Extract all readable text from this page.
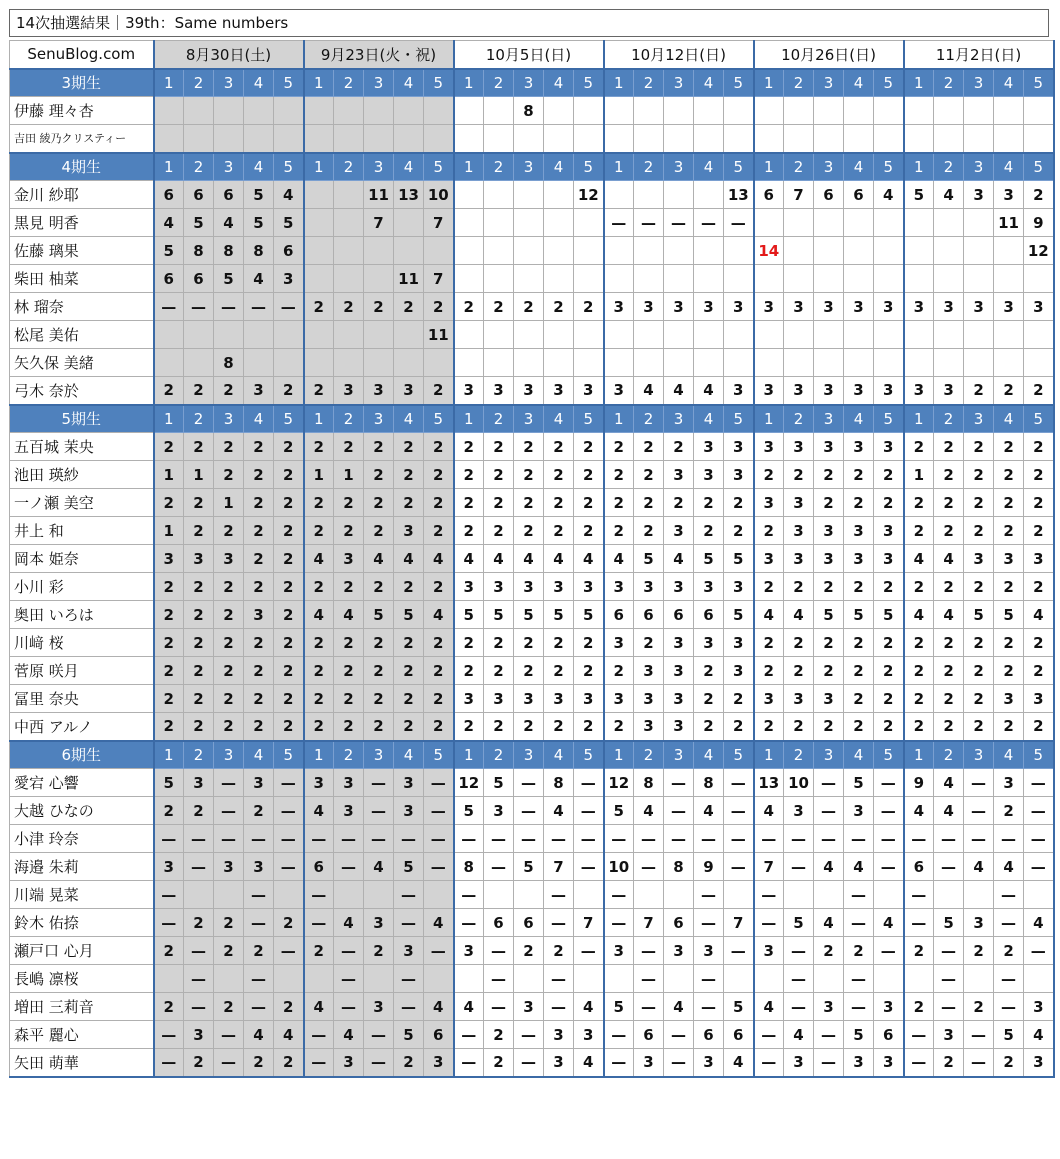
14次抽選結果｜39th：Same numbers
SenuBlog.com	8月30日(土)					9月23日(火・祝)					10月5日(日)					10月12日(日)					10月26日(日)					11月2日(日)				
3期生	1	2	3	4	5	1	2	3	4	5	1	2	3	4	5	1	2	3	4	5	1	2	3	4	5	1	2	3	4	5
伊藤 理々杏													8																	
吉田 綾乃クリスティー																														
4期生	1	2	3	4	5	1	2	3	4	5	1	2	3	4	5	1	2	3	4	5	1	2	3	4	5	1	2	3	4	5
金川 紗耶	6	6	6	5	4			11	13	10					12					13	6	7	6	6	4	5	4	3	3	2
黒見 明香	4	5	4	5	5			7		7						—	—	—	—	—									11	9
佐藤 璃果	5	8	8	8	6																14									12
柴田 柚菜	6	6	5	4	3				11	7																				
林 瑠奈	—	—	—	—	—	2	2	2	2	2	2	2	2	2	2	3	3	3	3	3	3	3	3	3	3	3	3	3	3	3
松尾 美佑										11																				
矢久保 美緒			8																											
弓木 奈於	2	2	2	3	2	2	3	3	3	2	3	3	3	3	3	3	4	4	4	3	3	3	3	3	3	3	3	2	2	2
5期生	1	2	3	4	5	1	2	3	4	5	1	2	3	4	5	1	2	3	4	5	1	2	3	4	5	1	2	3	4	5
五百城 茉央	2	2	2	2	2	2	2	2	2	2	2	2	2	2	2	2	2	2	3	3	3	3	3	3	3	2	2	2	2	2
池田 瑛紗	1	1	2	2	2	1	1	2	2	2	2	2	2	2	2	2	2	3	3	3	2	2	2	2	2	1	2	2	2	2
一ノ瀬 美空	2	2	1	2	2	2	2	2	2	2	2	2	2	2	2	2	2	2	2	2	3	3	2	2	2	2	2	2	2	2
井上 和	1	2	2	2	2	2	2	2	3	2	2	2	2	2	2	2	2	3	2	2	2	3	3	3	3	2	2	2	2	2
岡本 姫奈	3	3	3	2	2	4	3	4	4	4	4	4	4	4	4	4	5	4	5	5	3	3	3	3	3	4	4	3	3	3
小川 彩	2	2	2	2	2	2	2	2	2	2	3	3	3	3	3	3	3	3	3	3	2	2	2	2	2	2	2	2	2	2
奥田 いろは	2	2	2	3	2	4	4	5	5	4	5	5	5	5	5	6	6	6	6	5	4	4	5	5	5	4	4	5	5	4
川﨑 桜	2	2	2	2	2	2	2	2	2	2	2	2	2	2	2	3	2	3	3	3	2	2	2	2	2	2	2	2	2	2
菅原 咲月	2	2	2	2	2	2	2	2	2	2	2	2	2	2	2	2	3	3	2	3	2	2	2	2	2	2	2	2	2	2
冨里 奈央	2	2	2	2	2	2	2	2	2	2	3	3	3	3	3	3	3	3	2	2	3	3	3	2	2	2	2	2	3	3
中西 アルノ	2	2	2	2	2	2	2	2	2	2	2	2	2	2	2	2	3	3	2	2	2	2	2	2	2	2	2	2	2	2
6期生	1	2	3	4	5	1	2	3	4	5	1	2	3	4	5	1	2	3	4	5	1	2	3	4	5	1	2	3	4	5
愛宕 心響	5	3	—	3	—	3	3	—	3	—	12	5	—	8	—	12	8	—	8	—	13	10	—	5	—	9	4	—	3	—
大越 ひなの	2	2	—	2	—	4	3	—	3	—	5	3	—	4	—	5	4	—	4	—	4	3	—	3	—	4	4	—	2	—
小津 玲奈	—	—	—	—	—	—	—	—	—	—	—	—	—	—	—	—	—	—	—	—	—	—	—	—	—	—	—	—	—	—
海邉 朱莉	3	—	3	3	—	6	—	4	5	—	8	—	5	7	—	10	—	8	9	—	7	—	4	4	—	6	—	4	4	—
川端 晃菜	—			—		—			—		—			—		—			—		—			—		—			—	
鈴木 佑捺	—	2	2	—	2	—	4	3	—	4	—	6	6	—	7	—	7	6	—	7	—	5	4	—	4	—	5	3	—	4
瀬戸口 心月	2	—	2	2	—	2	—	2	3	—	3	—	2	2	—	3	—	3	3	—	3	—	2	2	—	2	—	2	2	—
長嶋 凛桜		—		—			—		—			—		—			—		—			—		—			—		—	
増田 三莉音	2	—	2	—	2	4	—	3	—	4	4	—	3	—	4	5	—	4	—	5	4	—	3	—	3	2	—	2	—	3
森平 麗心	—	3	—	4	4	—	4	—	5	6	—	2	—	3	3	—	6	—	6	6	—	4	—	5	6	—	3	—	5	4
矢田 萌華	—	2	—	2	2	—	3	—	2	3	—	2	—	3	4	—	3	—	3	4	—	3	—	3	3	—	2	—	2	3
